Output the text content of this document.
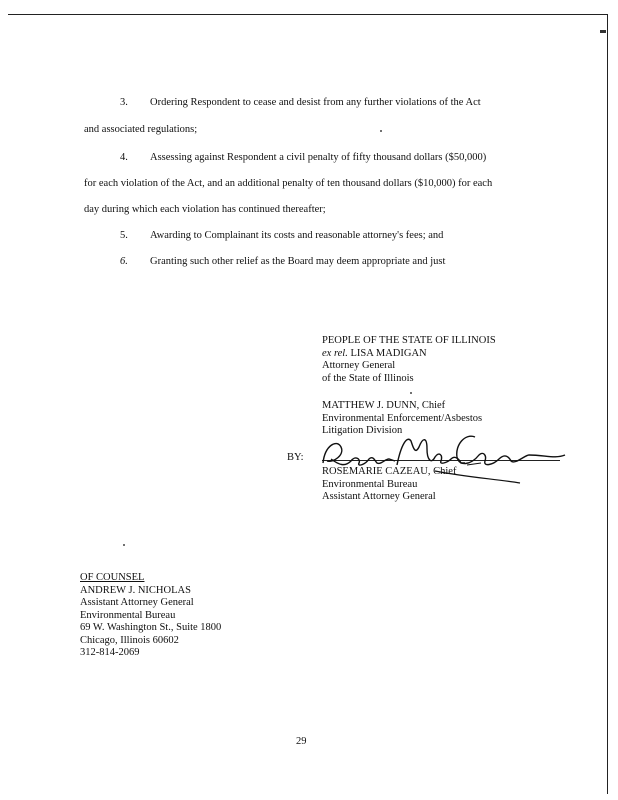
3. Ordering Respondent to cease and desist from any further violations of the Act
and associated regulations;
4. Assessing against Respondent a civil penalty of fifty thousand dollars ($50,000)
for each violation of the Act, and an additional penalty of ten thousand dollars ($10,000) for each
day during which each violation has continued thereafter;
5. Awarding to Complainant its costs and reasonable attorney's fees; and
6. Granting such other relief as the Board may deem appropriate and just
PEOPLE OF THE STATE OF ILLINOIS
ex rel. LISA MADIGAN
Attorney General
of the State of Illinois
MATTHEW J. DUNN, Chief
Environmental Enforcement/Asbestos
Litigation Division
BY:
ROSEMARIE CAZEAU, Chief
Environmental Bureau
Assistant Attorney General
OF COUNSEL
ANDREW J. NICHOLAS
Assistant Attorney General
Environmental Bureau
69 W. Washington St., Suite 1800
Chicago, Illinois 60602
312-814-2069
29
